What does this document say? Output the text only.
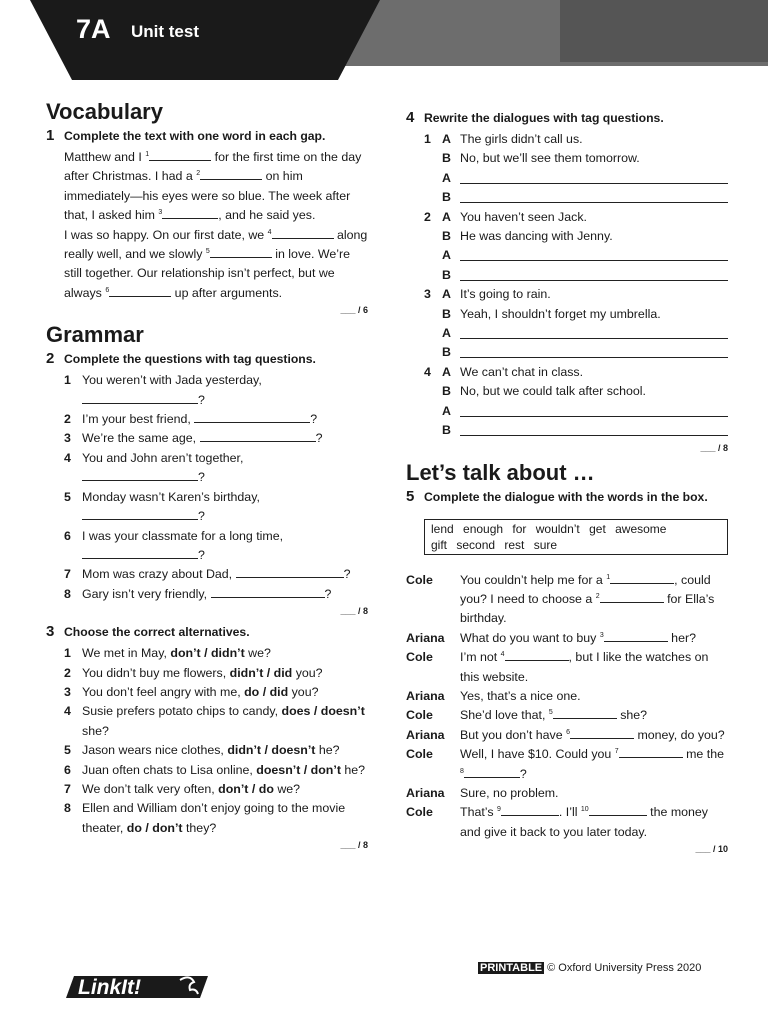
7A Unit test
Vocabulary
1 Complete the text with one word in each gap.
Matthew and I $^1$	for the first time on the day after Christmas. I had a $^2$	on him immediately—his eyes were so blue. The week after that, I asked him $^3$	, and he said yes.
I was so happy. On our first date, we $^4$	along really well, and we slowly $^5$	in love. We’re still together. Our relationship isn’t perfect, but we always $^6$	up after arguments.
___ / 6
Grammar
2 Complete the questions with tag questions.
1 You weren’t with Jada yesterday,
?
2 I’m your best friend,	?
3 We’re the same age,	?
4 You and John aren’t together,
?
5 Monday wasn’t Karen’s birthday,
?
6 I was your classmate for a long time,
?
7 Mom was crazy about Dad,	?
8 Gary isn’t very friendly,	?
___ / 8
3 Choose the correct alternatives.
1 We met in May, don’t / didn’t we?
2 You didn’t buy me flowers, didn’t / did you?
3 You don’t feel angry with me, do / did you?
4 Susie prefers potato chips to candy, does / doesn’t she?
5 Jason wears nice clothes, didn’t / doesn’t he?
6 Juan often chats to Lisa online, doesn’t / don’t he?
7 We don’t talk very often, don’t / do we?
8 Ellen and William don’t enjoy going to the movie theater, do / don’t they?
___ / 8
4 Rewrite the dialogues with tag questions.
1 A The girls didn’t call us.
B No, but we’ll see them tomorrow.
A
B
2 A You haven’t seen Jack.
B He was dancing with Jenny.
A
B
3 A It’s going to rain.
B Yeah, I shouldn’t forget my umbrella.
A
B
4 A We can’t chat in class.
B No, but we could talk after school.
A
B
___ / 8
Let’s talk about …
5 Complete the dialogue with the words in the box.
lend enough for wouldn’t get awesome
gift second rest sure
Cole	You couldn’t help me for a $^1$	, could you? I need to choose a $^2$	for Ella’s birthday.
Ariana	What do you want to buy $^3$	her?
Cole	I’m not $^4$	, but I like the watches on this website.
Ariana	Yes, that’s a nice one.
Cole	She’d love that, $^5$	she?
Ariana	But you don’t have $^6$	money, do you?
Cole	Well, I have $10. Could you $^7$	me the $^8$	?
Ariana	Sure, no problem.
Cole	That’s $^9$	. I’ll $^{10}$	the money and give it back to you later today.
___ / 10
LinkIt!
PRINTABLE © Oxford University Press 2020
